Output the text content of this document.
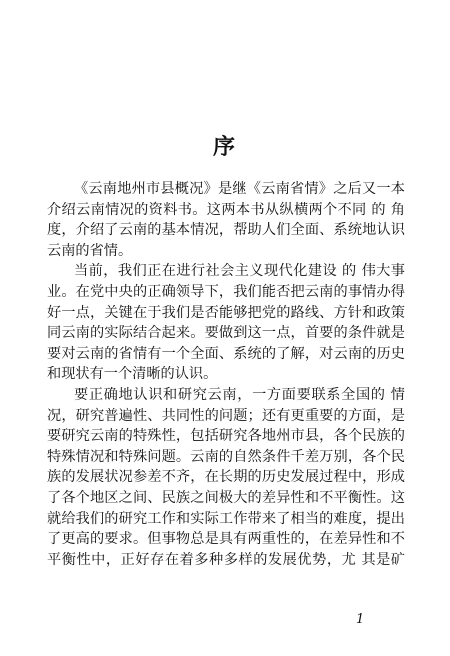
序
《云南地州市县概况》是继《云南省情》之后又一本
介绍云南情况的资料书。这两本书从纵横两个不同 的 角
度，介绍了云南的基本情况，帮助人们全面、系统地认识
云南的省情。
当前，我们正在进行社会主义现代化建设 的 伟大事
业。在党中央的正确领导下，我们能否把云南的事情办得
好一点，关键在于我们是否能够把党的路线、方针和政策
同云南的实际结合起来。要做到这一点，首要的条件就是
要对云南的省情有一个全面、系统的了解，对云南的历史
和现状有一个清晰的认识。
要正确地认识和研究云南，一方面要联系全国的 情
况，研究普遍性、共同性的问题；还有更重要的方面，是
要研究云南的特殊性，包括研究各地州市县，各个民族的
特殊情况和特殊问题。云南的自然条件千差万别，各个民
族的发展状况参差不齐，在长期的历史发展过程中，形成
了各个地区之间、民族之间极大的差异性和不平衡性。这
就给我们的研究工作和实际工作带来了相当的难度，提出
了更高的要求。但事物总是具有两重性的，在差异性和不
平衡性中，正好存在着多种多样的发展优势，尤 其是矿
1
